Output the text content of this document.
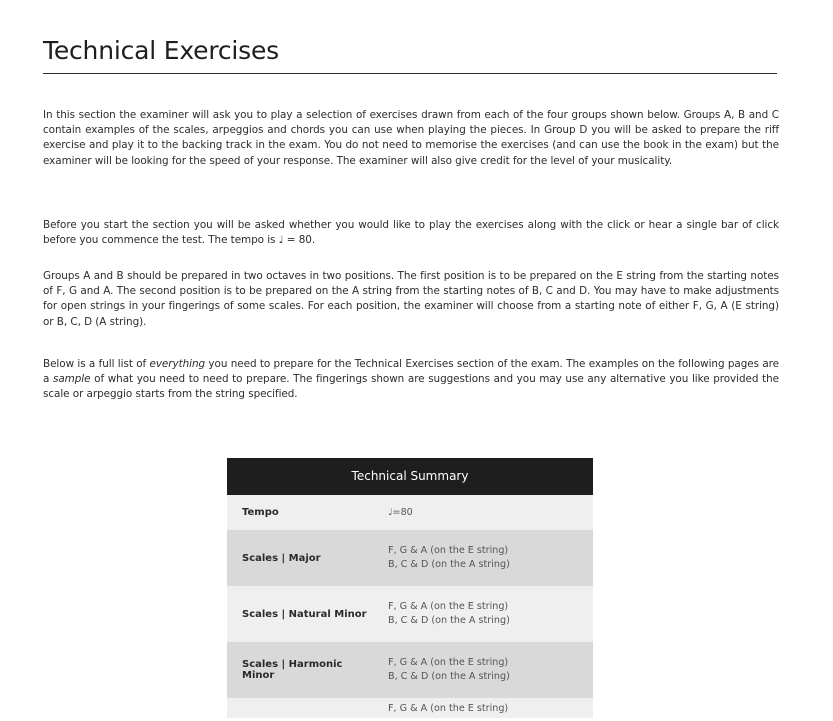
Technical Exercises

In this section the examiner will ask you to play a selection of exercises drawn from each of the four groups shown below. Groups A, B and C contain examples of the scales, arpeggios and chords you can use when playing the pieces. In Group D you will be asked to prepare the riff exercise and play it to the backing track in the exam. You do not need to memorise the exercises (and can use the book in the exam) but the examiner will be looking for the speed of your response. The examiner will also give credit for the level of your musicality.

Before you start the section you will be asked whether you would like to play the exercises along with the click or hear a single bar of click before you commence the test. The tempo is ♩ = 80.

Groups A and B should be prepared in two octaves in two positions. The first position is to be prepared on the E string from the starting notes of F, G and A. The second position is to be prepared on the A string from the starting notes of B, C and D. You may have to make adjustments for open strings in your fingerings of some scales. For each position, the examiner will choose from a starting note of either F, G, A (E string) or B, C, D (A string).

Below is a full list of everything you need to prepare for the Technical Exercises section of the exam. The examples on the following pages are a sample of what you need to need to prepare. The fingerings shown are suggestions and you may use any alternative you like provided the scale or arpeggio starts from the string specified.

Technical Summary
Tempo	♩=80
Scales | Major
F, G & A (on the E string)
B, C & D (on the A string)
Scales | Natural Minor
F, G & A (on the E string)
B, C & D (on the A string)
Scales | Harmonic Minor
F, G & A (on the E string)
B, C & D (on the A string)
F, G & A (on the E string)
